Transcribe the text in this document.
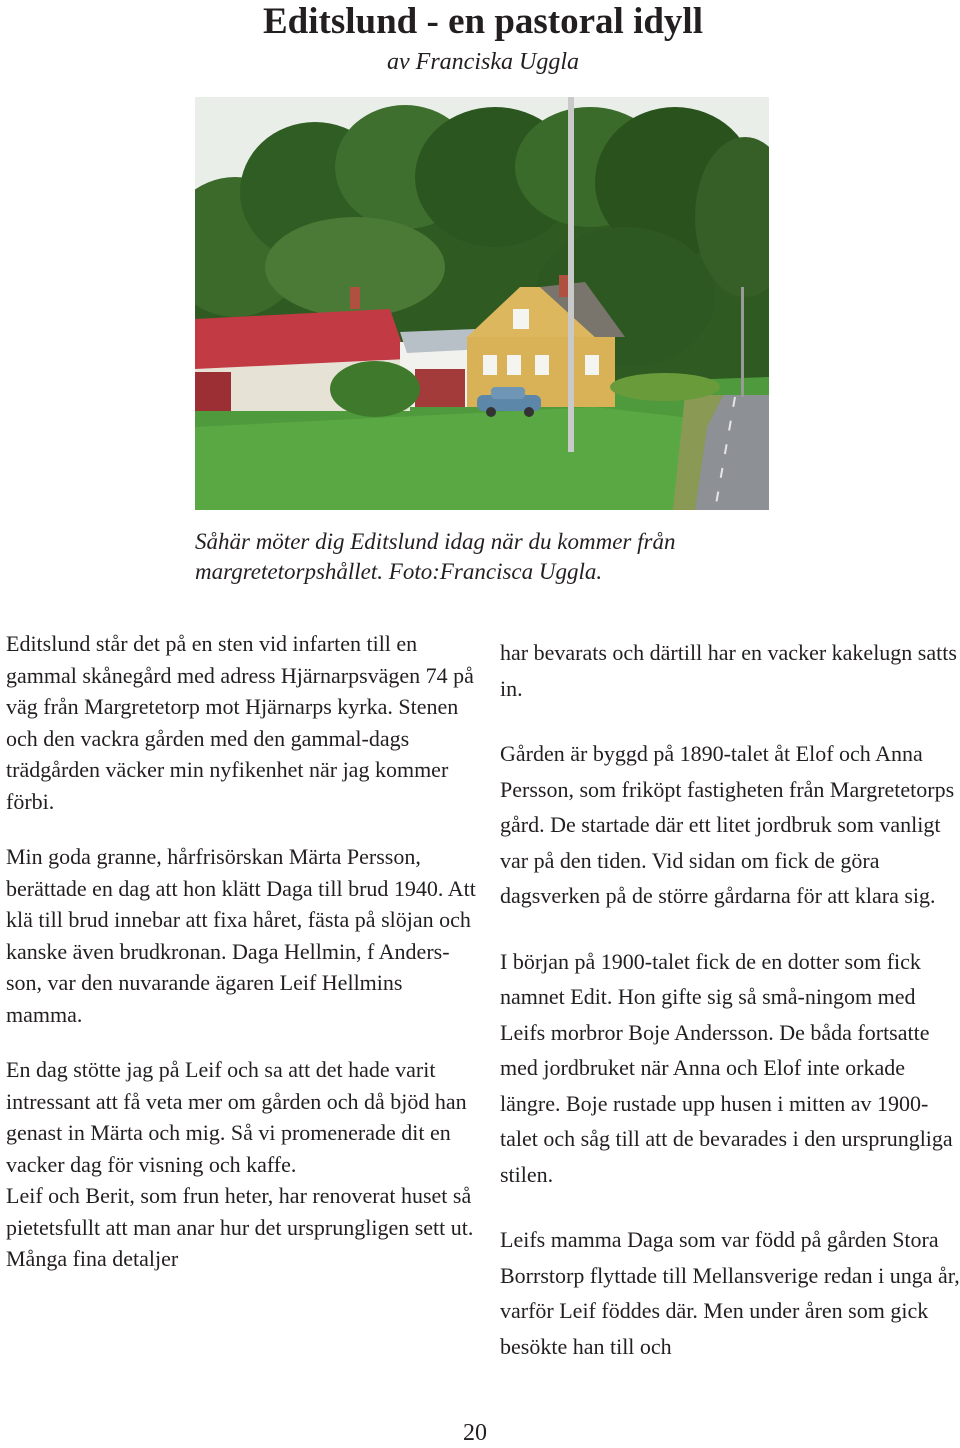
Editslund - en pastoral idyll
av Franciska Uggla
Såhär möter dig Editslund idag när du kommer från
margretetorpshållet. Foto:Francisca Uggla.

Editslund står det på en sten vid infarten till en gammal skånegård med adress Hjärnarpsvägen 74 på väg från Margretetorp mot Hjärnarps kyrka. Stenen och den vackra gården med den gammal-dags trädgården väcker min nyfikenhet när jag kommer förbi.

Min goda granne, hårfrisörskan Märta Persson, berättade en dag att hon klätt Daga till brud 1940. Att klä till brud innebar att fixa håret, fästa på slöjan och kanske även brudkronan. Daga Hellmin, f Anders-son, var den nuvarande ägaren Leif Hellmins mamma.

En dag stötte jag på Leif och sa att det hade varit intressant att få veta mer om gården och då bjöd han genast in Märta och mig. Så vi promenerade dit en vacker dag för visning och kaffe.

Leif och Berit, som frun heter, har renoverat huset så pietetsfullt att man anar hur det ursprungligen sett ut. Många fina detaljer

har bevarats och därtill har en vacker kakelugn satts in.

Gården är byggd på 1890-talet åt Elof och Anna Persson, som friköpt fastigheten från Margretetorps gård. De startade där ett litet jordbruk som vanligt var på den tiden. Vid sidan om fick de göra dagsverken på de större gårdarna för att klara sig.

I början på 1900-talet fick de en dotter som fick namnet Edit. Hon gifte sig så små-ningom med Leifs morbror Boje Andersson. De båda fortsatte med jordbruket när Anna och Elof inte orkade längre. Boje rustade upp husen i mitten av 1900-talet och såg till att de bevarades i den ursprungliga stilen.

Leifs mamma Daga som var född på gården Stora Borrstorp flyttade till Mellansverige redan i unga år, varför Leif föddes där. Men under åren som gick besökte han till och

20
